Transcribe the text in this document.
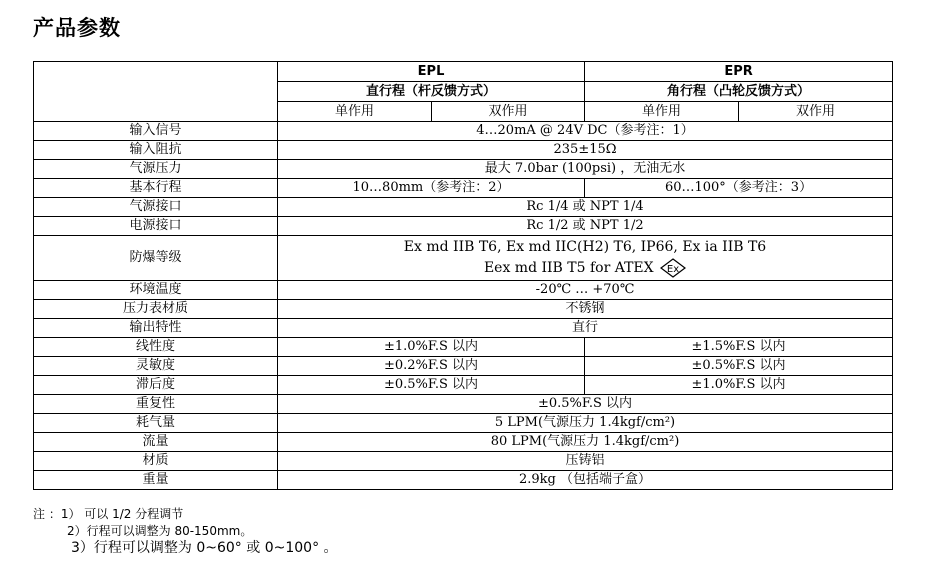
产品参数
	EPL		EPR	
	直行程（杆反馈方式）		角行程（凸轮反馈方式）	
	单作用	双作用	单作用	双作用
输入信号	4…20mA @ 24V DC（参考注：1）			
输入阻抗	235±15Ω			
气源压力	最大 7.0bar (100psi) ，无油无水			
基本行程	10…80mm（参考注：2）		60…100°（参考注：3）	
气源接口	Rc 1/4 或 NPT 1/4			
电源接口	Rc 1/2 或 NPT 1/2			
防爆等级	Ex md IIB T6, Ex md IIC(H2) T6, IP66, Ex ia IIB T6
Eex md IIB T5 for ATEX Ex			

环境温度	-20℃ … +70℃			
压力表材质	不锈钢			
输出特性	直行			
线性度	±1.0%F.S 以内		±1.5%F.S 以内	
灵敏度	±0.2%F.S 以内		±0.5%F.S 以内	
滞后度	±0.5%F.S 以内		±1.0%F.S 以内	
重复性	±0.5%F.S 以内			
耗气量	5 LPM(气源压力 1.4kgf/cm²)			
流量	80 LPM(气源压力 1.4kgf/cm²)			
材质	压铸铝			
重量	2.9kg （包括端子盒）			
注 ：1） 可以 1/2 分程调节
2）行程可以调整为 80-150mm。
3）行程可以调整为 0~60° 或 0~100° 。
